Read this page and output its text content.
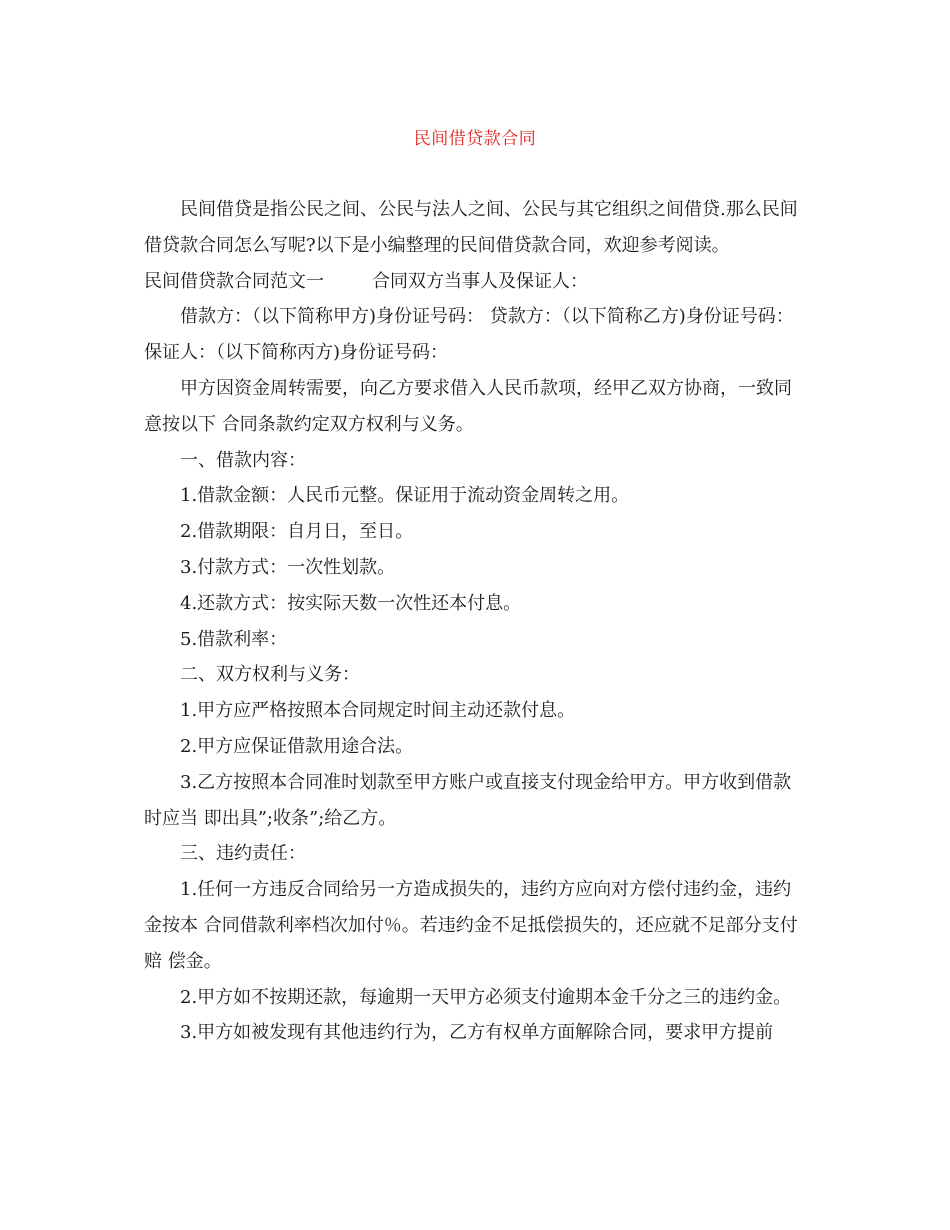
民间借贷款合同

民间借贷是指公民之间、公民与法人之间、公民与其它组织之间借贷.那么民间借贷款合同怎么写呢?以下是小编整理的民间借贷款合同，欢迎参考阅读。

民间借贷款合同范文一	合同双方当事人及保证人：

借款方：（以下简称甲方)身份证号码： 贷款方：（以下简称乙方)身份证号码： 保证人：（以下简称丙方)身份证号码：

甲方因资金周转需要，向乙方要求借入人民币款项，经甲乙双方协商，一致同意按以下 合同条款约定双方权利与义务。

一、借款内容：

1.借款金额：人民币元整。保证用于流动资金周转之用。

2.借款期限：自月日，至日。

3.付款方式：一次性划款。

4.还款方式：按实际天数一次性还本付息。

5.借款利率：

二、双方权利与义务：

1.甲方应严格按照本合同规定时间主动还款付息。

2.甲方应保证借款用途合法。

3.乙方按照本合同准时划款至甲方账户或直接支付现金给甲方。甲方收到借款时应当 即出具”;收条”;给乙方。

三、违约责任：

1.任何一方违反合同给另一方造成损失的，违约方应向对方偿付违约金，违约金按本 合同借款利率档次加付％。若违约金不足抵偿损失的，还应就不足部分支付赔 偿金。

2.甲方如不按期还款，每逾期一天甲方必须支付逾期本金千分之三的违约金。

3.甲方如被发现有其他违约行为，乙方有权单方面解除合同，要求甲方提前
